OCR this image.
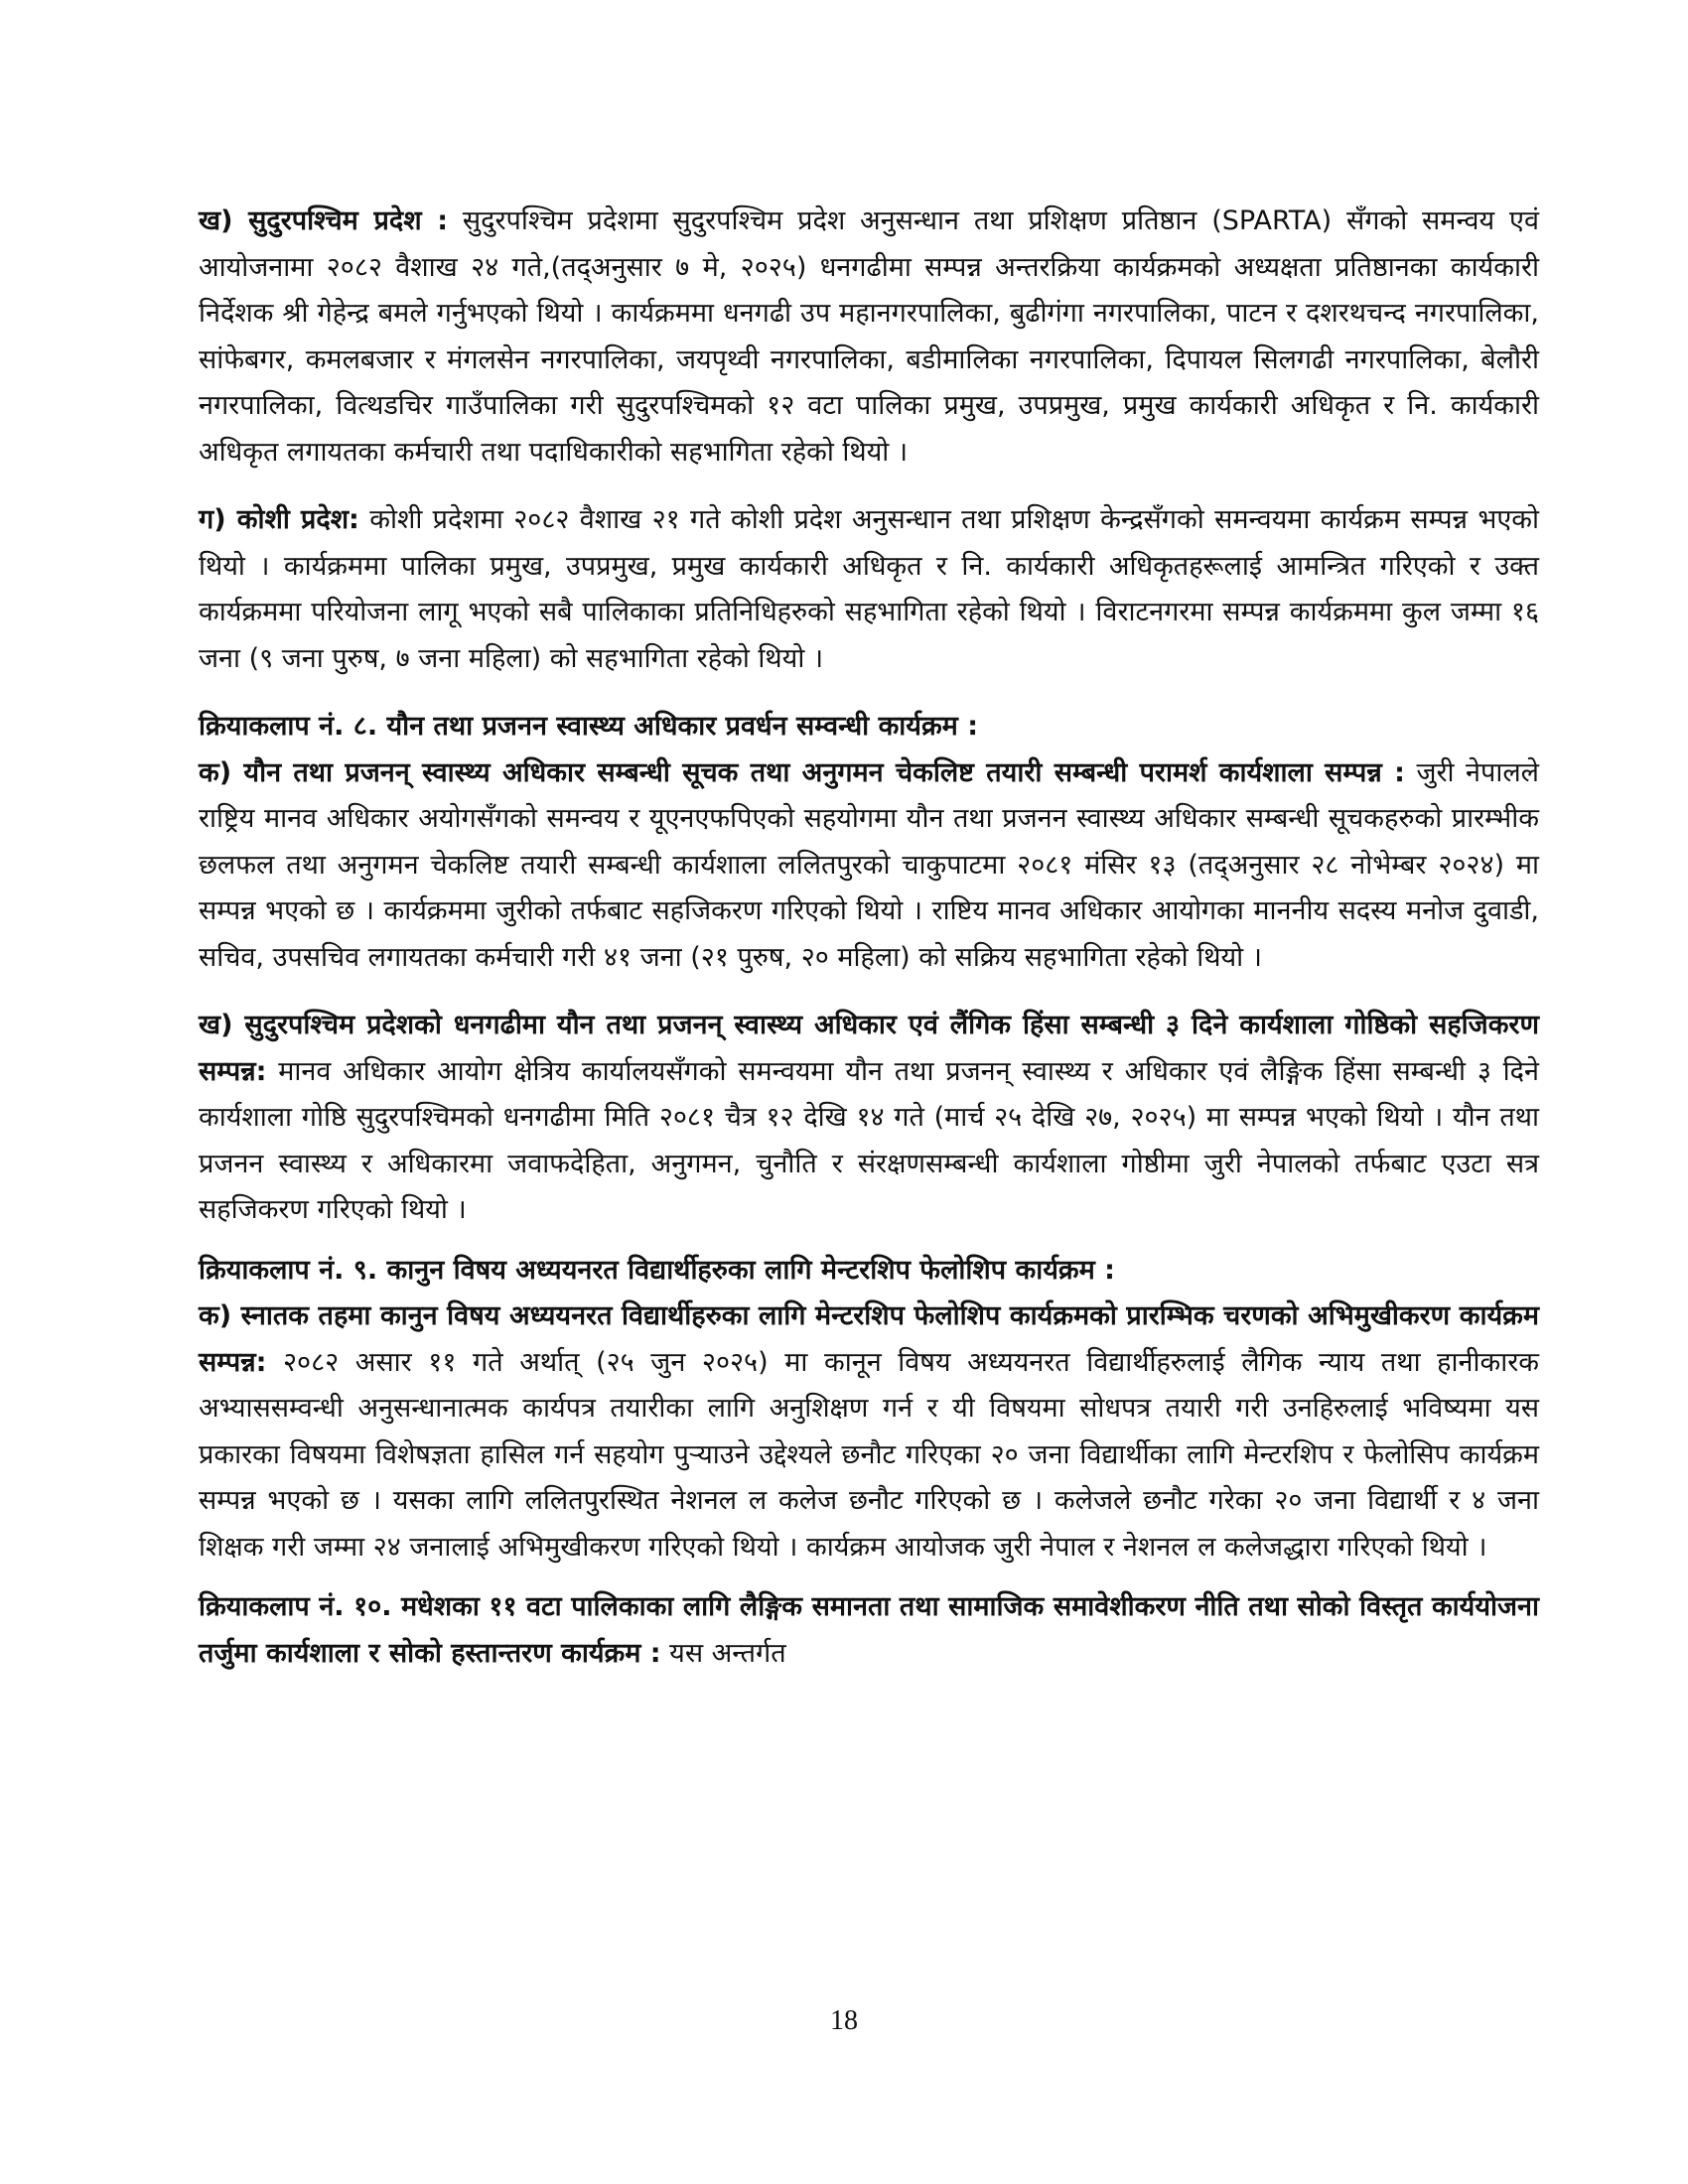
ख) सुदुरपश्चिम प्रदेश : सुदुरपश्चिम प्रदेशमा सुदुरपश्चिम प्रदेश अनुसन्धान तथा प्रशिक्षण प्रतिष्ठान (SPARTA) सँगको समन्वय एवं आयोजनामा २०८२ वैशाख २४ गते,(तद्अनुसार ७ मे, २०२५) धनगढीमा सम्पन्न अन्तरक्रिया कार्यक्रमको अध्यक्षता प्रतिष्ठानका कार्यकारी निर्देशक श्री गेहेन्द्र बमले गर्नुभएको थियो । कार्यक्रममा धनगढी उप महानगरपालिका, बुढीगंगा नगरपालिका, पाटन र दशरथचन्द नगरपालिका, सांफेबगर, कमलबजार र मंगलसेन नगरपालिका, जयपृथ्वी नगरपालिका, बडीमालिका नगरपालिका, दिपायल सिलगढी नगरपालिका, बेलौरी नगरपालिका, वित्थडचिर गाउँपालिका गरी सुदुरपश्चिमको १२ वटा पालिका प्रमुख, उपप्रमुख, प्रमुख कार्यकारी अधिकृत र नि. कार्यकारी अधिकृत लगायतका कर्मचारी तथा पदाधिकारीको सहभागिता रहेको थियो ।

ग) कोशी प्रदेश: कोशी प्रदेशमा २०८२ वैशाख २१ गते कोशी प्रदेश अनुसन्धान तथा प्रशिक्षण केन्द्रसँगको समन्वयमा कार्यक्रम सम्पन्न भएको थियो । कार्यक्रममा पालिका प्रमुख, उपप्रमुख, प्रमुख कार्यकारी अधिकृत र नि. कार्यकारी अधिकृतहरूलाई आमन्त्रित गरिएको र उक्त कार्यक्रममा परियोजना लागू भएको सबै पालिकाका प्रतिनिधिहरुको सहभागिता रहेको थियो । विराटनगरमा सम्पन्न कार्यक्रममा कुल जम्मा १६ जना (९ जना पुरुष, ७ जना महिला) को सहभागिता रहेको थियो ।

क्रियाकलाप नं. ८. यौन तथा प्रजनन स्वास्थ्य अधिकार प्रवर्धन सम्वन्धी कार्यक्रम :

क) यौन तथा प्रजनन् स्वास्थ्य अधिकार सम्बन्धी सूचक तथा अनुगमन चेकलिष्ट तयारी सम्बन्धी परामर्श कार्यशाला सम्पन्न : जुरी नेपालले राष्ट्रिय मानव अधिकार अयोगसँगको समन्वय र यूएनएफपिएको सहयोगमा यौन तथा प्रजनन स्वास्थ्य अधिकार सम्बन्धी सूचकहरुको प्रारम्भीक छलफल तथा अनुगमन चेकलिष्ट तयारी सम्बन्धी कार्यशाला ललितपुरको चाकुपाटमा २०८१ मंसिर १३ (तद्अनुसार २८ नोभेम्बर २०२४) मा सम्पन्न भएको छ । कार्यक्रममा जुरीको तर्फबाट सहजिकरण गरिएको थियो । राष्टिय मानव अधिकार आयोगका माननीय सदस्य मनोज दुवाडी, सचिव, उपसचिव लगायतका कर्मचारी गरी ४१ जना (२१ पुरुष, २० महिला) को सक्रिय सहभागिता रहेको थियो ।

ख) सुदुरपश्चिम प्रदेशको धनगढीमा यौन तथा प्रजनन् स्वास्थ्य अधिकार एवं लैंगिक हिंसा सम्बन्धी ३ दिने कार्यशाला गोष्ठिको सहजिकरण सम्पन्न: मानव अधिकार आयोग क्षेत्रिय कार्यालयसँगको समन्वयमा यौन तथा प्रजनन् स्वास्थ्य र अधिकार एवं लैङ्गिक हिंसा सम्बन्धी ३ दिने कार्यशाला गोष्ठि सुदुरपश्चिमको धनगढीमा मिति २०८१ चैत्र १२ देखि १४ गते (मार्च २५ देखि २७, २०२५) मा सम्पन्न भएको थियो । यौन तथा प्रजनन स्वास्थ्य र अधिकारमा जवाफदेहिता, अनुगमन, चुनौति र संरक्षणसम्बन्धी कार्यशाला गोष्ठीमा जुरी नेपालको तर्फबाट एउटा सत्र सहजिकरण गरिएको थियो ।

क्रियाकलाप नं. ९. कानुन विषय अध्ययनरत विद्यार्थीहरुका लागि मेन्टरशिप फेलोशिप कार्यक्रम :

क) स्नातक तहमा कानुन विषय अध्ययनरत विद्यार्थीहरुका लागि मेन्टरशिप फेलोशिप कार्यक्रमको प्रारम्भिक चरणको अभिमुखीकरण कार्यक्रम सम्पन्न: २०८२ असार ११ गते अर्थात् (२५ जुन २०२५) मा कानून विषय अध्ययनरत विद्यार्थीहरुलाई लैगिक न्याय तथा हानीकारक अभ्याससम्वन्धी अनुसन्धानात्मक कार्यपत्र तयारीका लागि अनुशिक्षण गर्न र यी विषयमा सोधपत्र तयारी गरी उनहिरुलाई भविष्यमा यस प्रकारका विषयमा विशेषज्ञता हासिल गर्न सहयोग पुर्‍याउने उद्देश्यले छनौट गरिएका २० जना विद्यार्थीका लागि मेन्टरशिप र फेलोसिप कार्यक्रम सम्पन्न भएको छ । यसका लागि ललितपुरस्थित नेशनल ल कलेज छनौट गरिएको छ । कलेजले छनौट गरेका २० जना विद्यार्थी र ४ जना शिक्षक गरी जम्मा २४ जनालाई अभिमुखीकरण गरिएको थियो । कार्यक्रम आयोजक जुरी नेपाल र नेशनल ल कलेजद्धारा गरिएको थियो ।

क्रियाकलाप नं. १०. मधेशका ११ वटा पालिकाका लागि लैङ्गिक समानता तथा सामाजिक समावेशीकरण नीति तथा सोको विस्तृत कार्ययोजना तर्जुमा कार्यशाला र सोको हस्तान्तरण कार्यक्रम : यस अन्तर्गत

18
